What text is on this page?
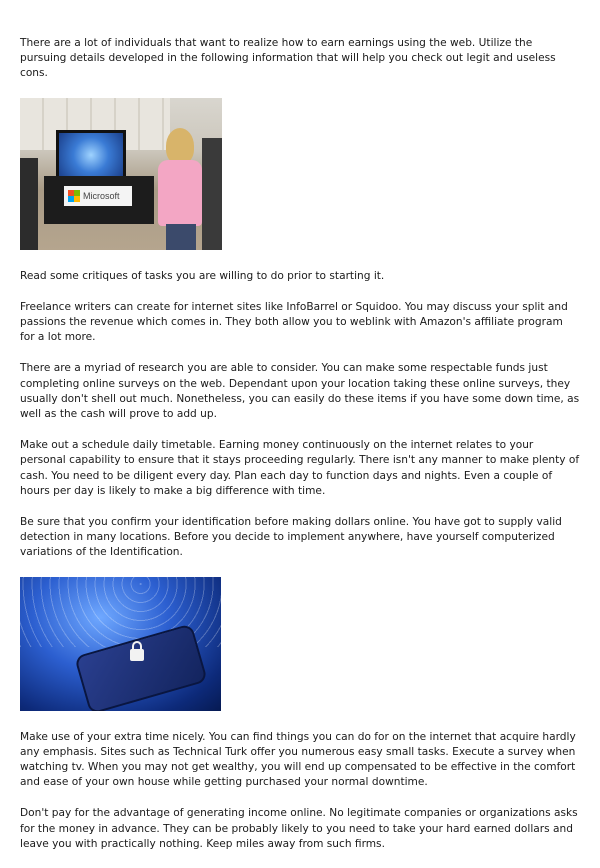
There are a lot of individuals that want to realize how to earn earnings using the web. Utilize the pursuing details developed in the following information that will help you check out legit and useless cons.

Microsoft

Read some critiques of tasks you are willing to do prior to starting it.

Freelance writers can create for internet sites like InfoBarrel or Squidoo. You may discuss your split and passions the revenue which comes in. They both allow you to weblink with Amazon's affiliate program for a lot more.

There are a myriad of research you are able to consider. You can make some respectable funds just completing online surveys on the web. Dependant upon your location taking these online surveys, they usually don't shell out much. Nonetheless, you can easily do these items if you have some down time, as well as the cash will prove to add up.

Make out a schedule daily timetable. Earning money continuously on the internet relates to your personal capability to ensure that it stays proceeding regularly. There isn't any manner to make plenty of cash. You need to be diligent every day. Plan each day to function days and nights. Even a couple of hours per day is likely to make a big difference with time.

Be sure that you confirm your identification before making dollars online. You have got to supply valid detection in many locations. Before you decide to implement anywhere, have yourself computerized variations of the Identification.

Make use of your extra time nicely. You can find things you can do for on the internet that acquire hardly any emphasis. Sites such as Technical Turk offer you numerous easy small tasks. Execute a survey when watching tv. When you may not get wealthy, you will end up compensated to be effective in the comfort and ease of your own house while getting purchased your normal downtime.

Don't pay for the advantage of generating income online. No legitimate companies or organizations asks for the money in advance. They can be probably likely to you need to take your hard earned dollars and leave you with practically nothing. Keep miles away from such firms.
